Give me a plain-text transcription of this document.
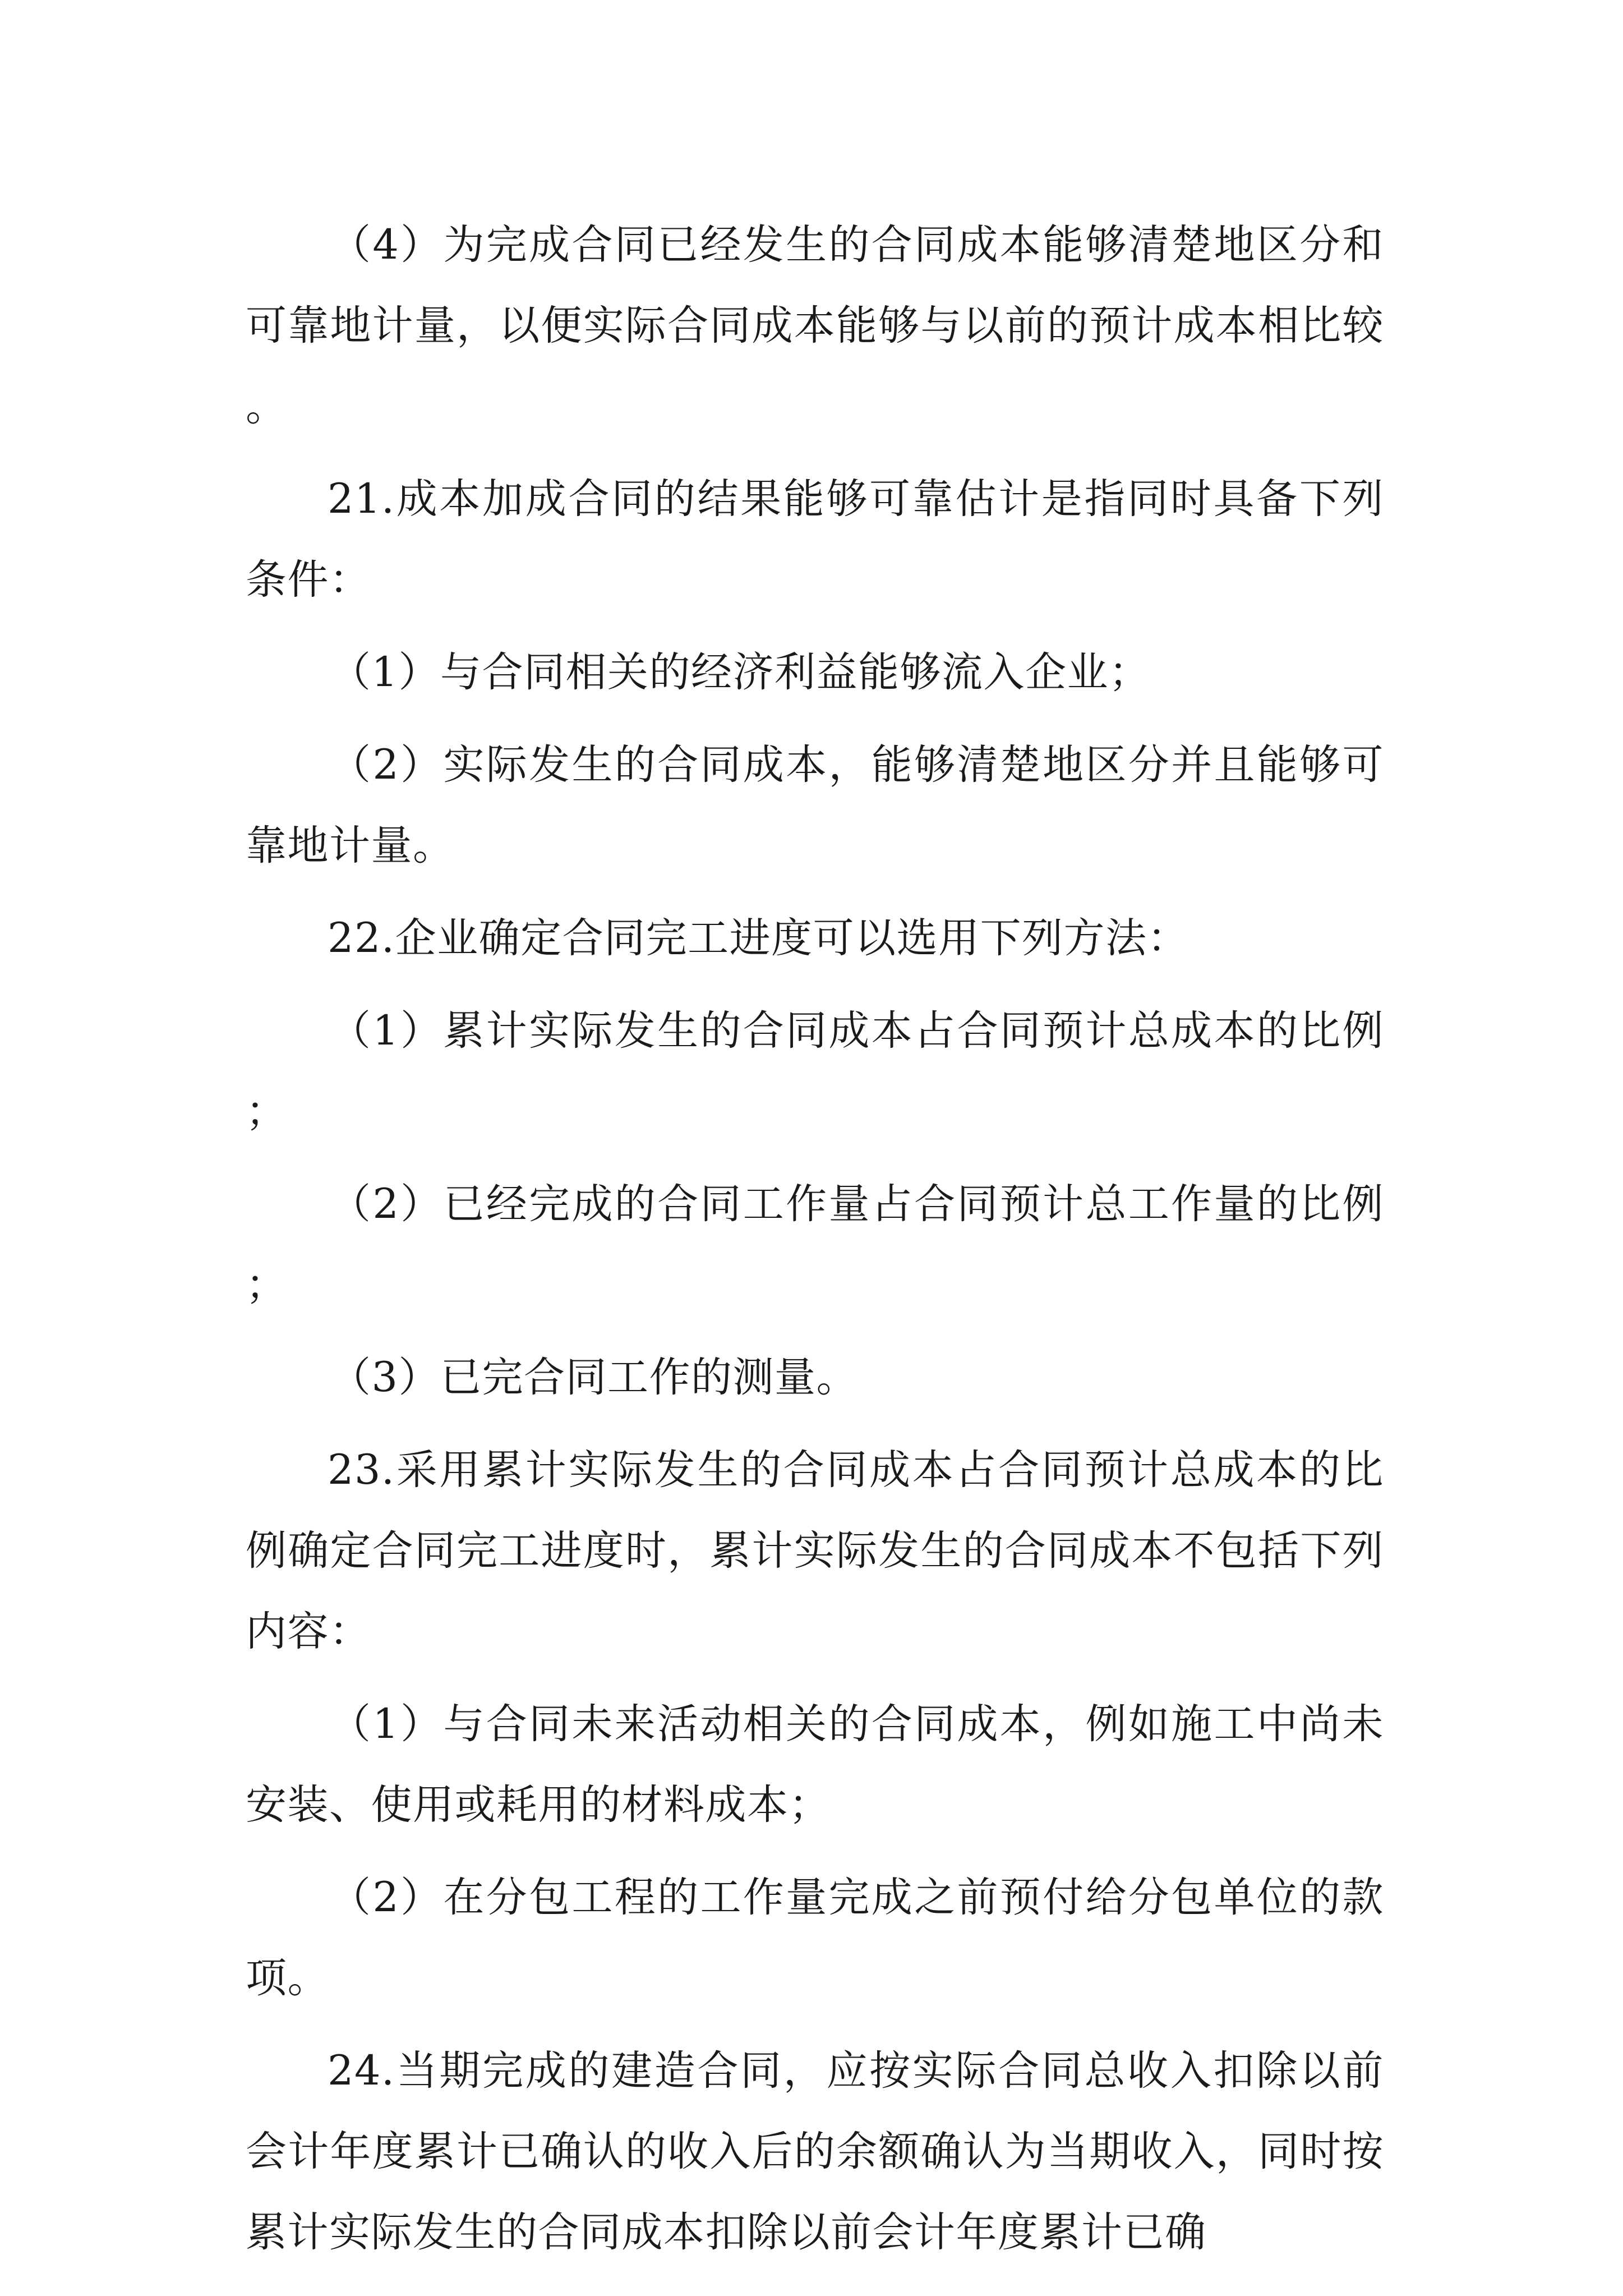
（4）为完成合同已经发生的合同成本能够清楚地区分和可靠地计量，以便实际合同成本能够与以前的预计成本相比较。

21.成本加成合同的结果能够可靠估计是指同时具备下列条件：

（1）与合同相关的经济利益能够流入企业；

（2）实际发生的合同成本，能够清楚地区分并且能够可靠地计量。

22.企业确定合同完工进度可以选用下列方法：

（1）累计实际发生的合同成本占合同预计总成本的比例；

（2）已经完成的合同工作量占合同预计总工作量的比例；

（3）已完合同工作的测量。

23.采用累计实际发生的合同成本占合同预计总成本的比例确定合同完工进度时，累计实际发生的合同成本不包括下列内容：

（1）与合同未来活动相关的合同成本，例如施工中尚未安装、使用或耗用的材料成本；

（2）在分包工程的工作量完成之前预付给分包单位的款项。

24.当期完成的建造合同，应按实际合同总收入扣除以前会计年度累计已确认的收入后的余额确认为当期收入，同时按累计实际发生的合同成本扣除以前会计年度累计已确
